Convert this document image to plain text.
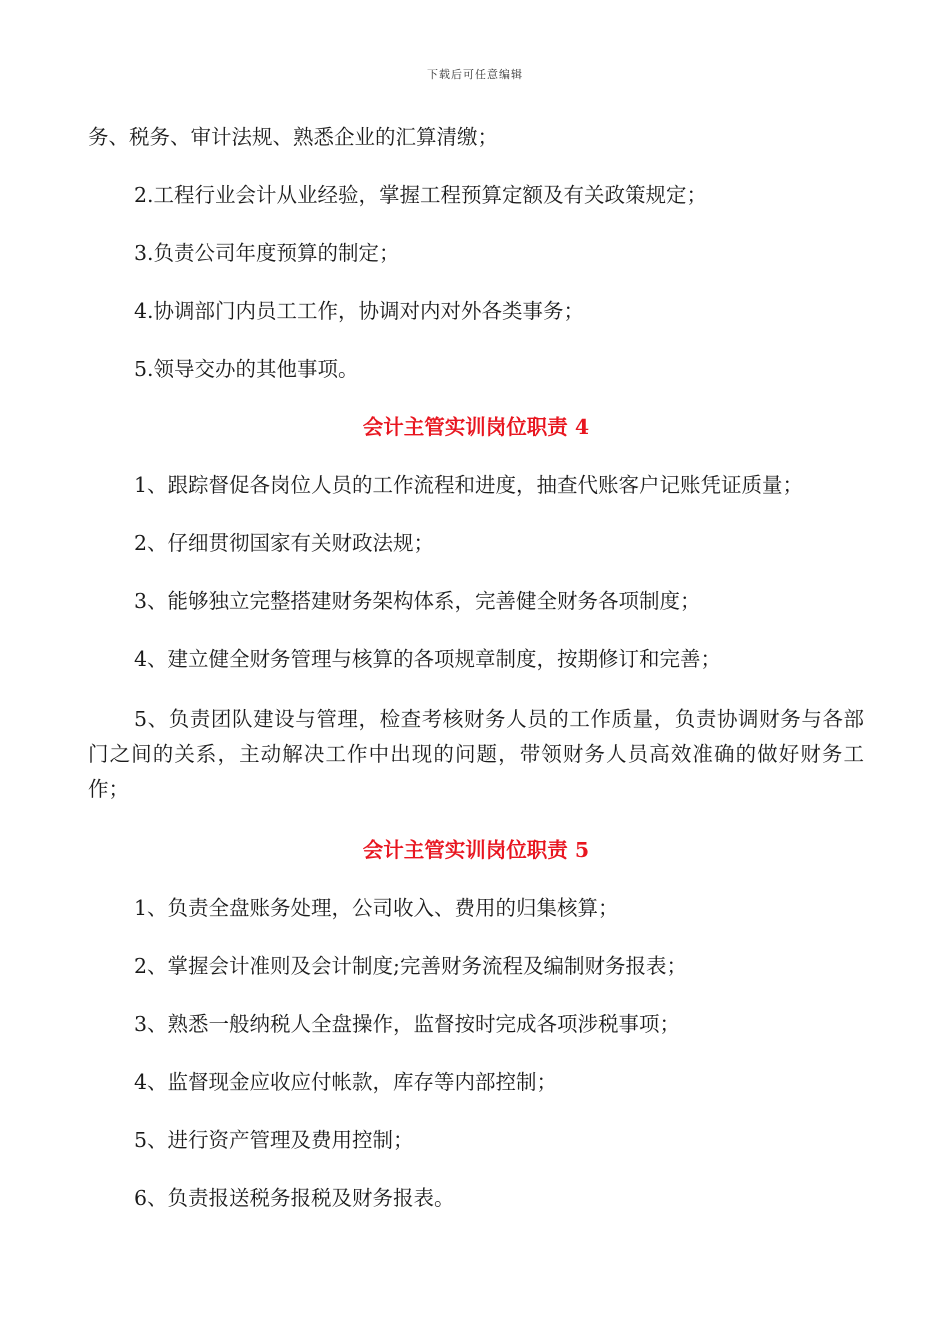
下载后可任意编辑

务、税务、审计法规、熟悉企业的汇算清缴；

2.工程行业会计从业经验，掌握工程预算定额及有关政策规定；

3.负责公司年度预算的制定；

4.协调部门内员工工作，协调对内对外各类事务；

5.领导交办的其他事项。

会计主管实训岗位职责 4

1、跟踪督促各岗位人员的工作流程和进度，抽查代账客户记账凭证质量；

2、仔细贯彻国家有关财政法规；

3、能够独立完整搭建财务架构体系，完善健全财务各项制度；

4、建立健全财务管理与核算的各项规章制度，按期修订和完善；

5、负责团队建设与管理，检查考核财务人员的工作质量，负责协调财务与各部门之间的关系，主动解决工作中出现的问题，带领财务人员高效准确的做好财务工作；

会计主管实训岗位职责 5

1、负责全盘账务处理，公司收入、费用的归集核算；

2、掌握会计准则及会计制度;完善财务流程及编制财务报表；

3、熟悉一般纳税人全盘操作，监督按时完成各项涉税事项；

4、监督现金应收应付帐款，库存等内部控制；

5、进行资产管理及费用控制；

6、负责报送税务报税及财务报表。
